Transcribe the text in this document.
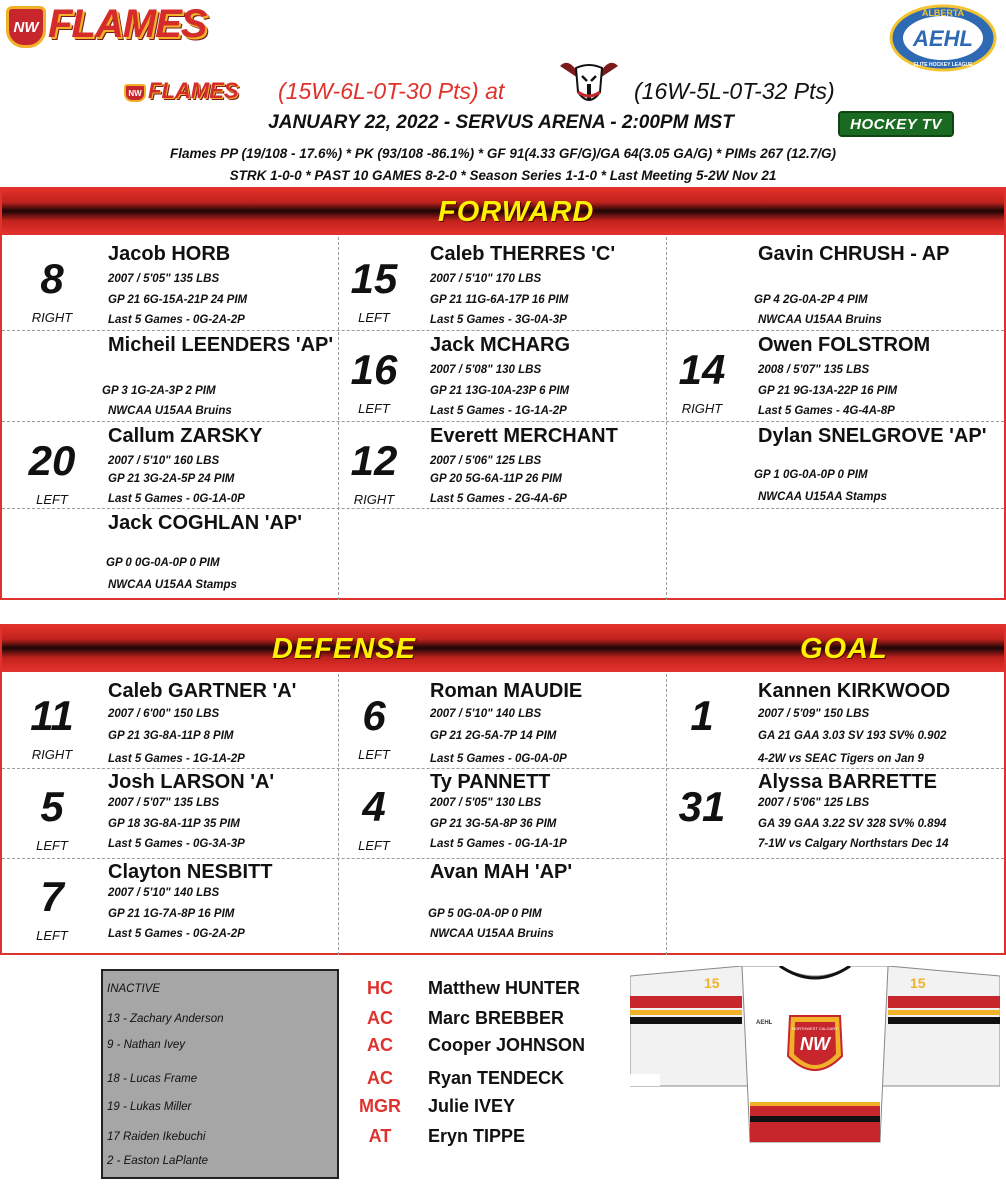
NW FLAMES	ALBERTA
AEHL
ELITE HOCKEY LEAGUE
NW FLAMES (15W-6L-0T-30 Pts) at	(16W-5L-0T-32 Pts)
JANUARY 22, 2022 - SERVUS ARENA - 2:00PM MST	HOCKEY TV
Flames PP (19/108 - 17.6%) * PK (93/108 -86.1%) * GF 91(4.33 GF/G)/GA 64(3.05 GA/G) * PIMs 267 (12.7/G)
STRK 1-0-0 * PAST 10 GAMES 8-2-0 * Season Series 1-1-0 * Last Meeting 5-2W Nov 21
FORWARD
8
RIGHT
Jacob HORB
2007 / 5'05" 135 LBS
GP 21 6G-15A-21P 24 PIM
Last 5 Games - 0G-2A-2P
15
LEFT
Caleb THERRES 'C'
2007 / 5'10" 170 LBS
GP 21 11G-6A-17P 16 PIM
Last 5 Games - 3G-0A-3P
Gavin CHRUSH - AP
GP 4 2G-0A-2P 4 PIM
NWCAA U15AA Bruins
Micheil LEENDERS 'AP'
GP 3 1G-2A-3P 2 PIM
NWCAA U15AA Bruins
16
LEFT
Jack MCHARG
2007 / 5'08" 130 LBS
GP 21 13G-10A-23P 6 PIM
Last 5 Games - 1G-1A-2P
14
RIGHT
Owen FOLSTROM
2008 / 5'07" 135 LBS
GP 21 9G-13A-22P 16 PIM
Last 5 Games - 4G-4A-8P
20
LEFT
Callum ZARSKY
2007 / 5'10" 160 LBS
GP 21 3G-2A-5P 24 PIM
Last 5 Games - 0G-1A-0P
12
RIGHT
Everett MERCHANT
2007 / 5'06" 125 LBS
GP 20 5G-6A-11P 26 PIM
Last 5 Games - 2G-4A-6P
Dylan SNELGROVE 'AP'
GP 1 0G-0A-0P 0 PIM
NWCAA U15AA Stamps
Jack COGHLAN 'AP'
GP 0 0G-0A-0P 0 PIM
NWCAA U15AA Stamps
DEFENSE	GOAL
11
RIGHT
Caleb GARTNER 'A'
2007 / 6'00" 150 LBS
GP 21 3G-8A-11P 8 PIM
Last 5 Games - 1G-1A-2P
6
LEFT
Roman MAUDIE
2007 / 5'10" 140 LBS
GP 21 2G-5A-7P 14 PIM
Last 5 Games - 0G-0A-0P
1
Kannen KIRKWOOD
2007 / 5'09" 150 LBS
GA 21 GAA 3.03 SV 193 SV% 0.902
4-2W vs SEAC Tigers on Jan 9
5
LEFT
Josh LARSON 'A'
2007 / 5'07" 135 LBS
GP 18 3G-8A-11P 35 PIM
Last 5 Games - 0G-3A-3P
4
LEFT
Ty PANNETT
2007 / 5'05" 130 LBS
GP 21 3G-5A-8P 36 PIM
Last 5 Games - 0G-1A-1P
31
Alyssa BARRETTE
2007 / 5'06" 125 LBS
GA 39 GAA 3.22 SV 328 SV% 0.894
7-1W vs Calgary Northstars Dec 14
7
LEFT
Clayton NESBITT
2007 / 5'10" 140 LBS
GP 21 1G-7A-8P 16 PIM
Last 5 Games - 0G-2A-2P
Avan MAH 'AP'
GP 5 0G-0A-0P 0 PIM
NWCAA U15AA Bruins
INACTIVE
13 - Zachary Anderson
9 - Nathan Ivey
18 - Lucas Frame
19 - Lukas Miller
17 Raiden Ikebuchi
2 - Easton LaPlante
HC	Matthew HUNTER
AC	Marc BREBBER
AC	Cooper JOHNSON
AC	Ryan TENDECK
MGR	Julie IVEY
AT	Eryn TIPPE
15	15
AEHL
NW
NORTHWEST CALGARY
